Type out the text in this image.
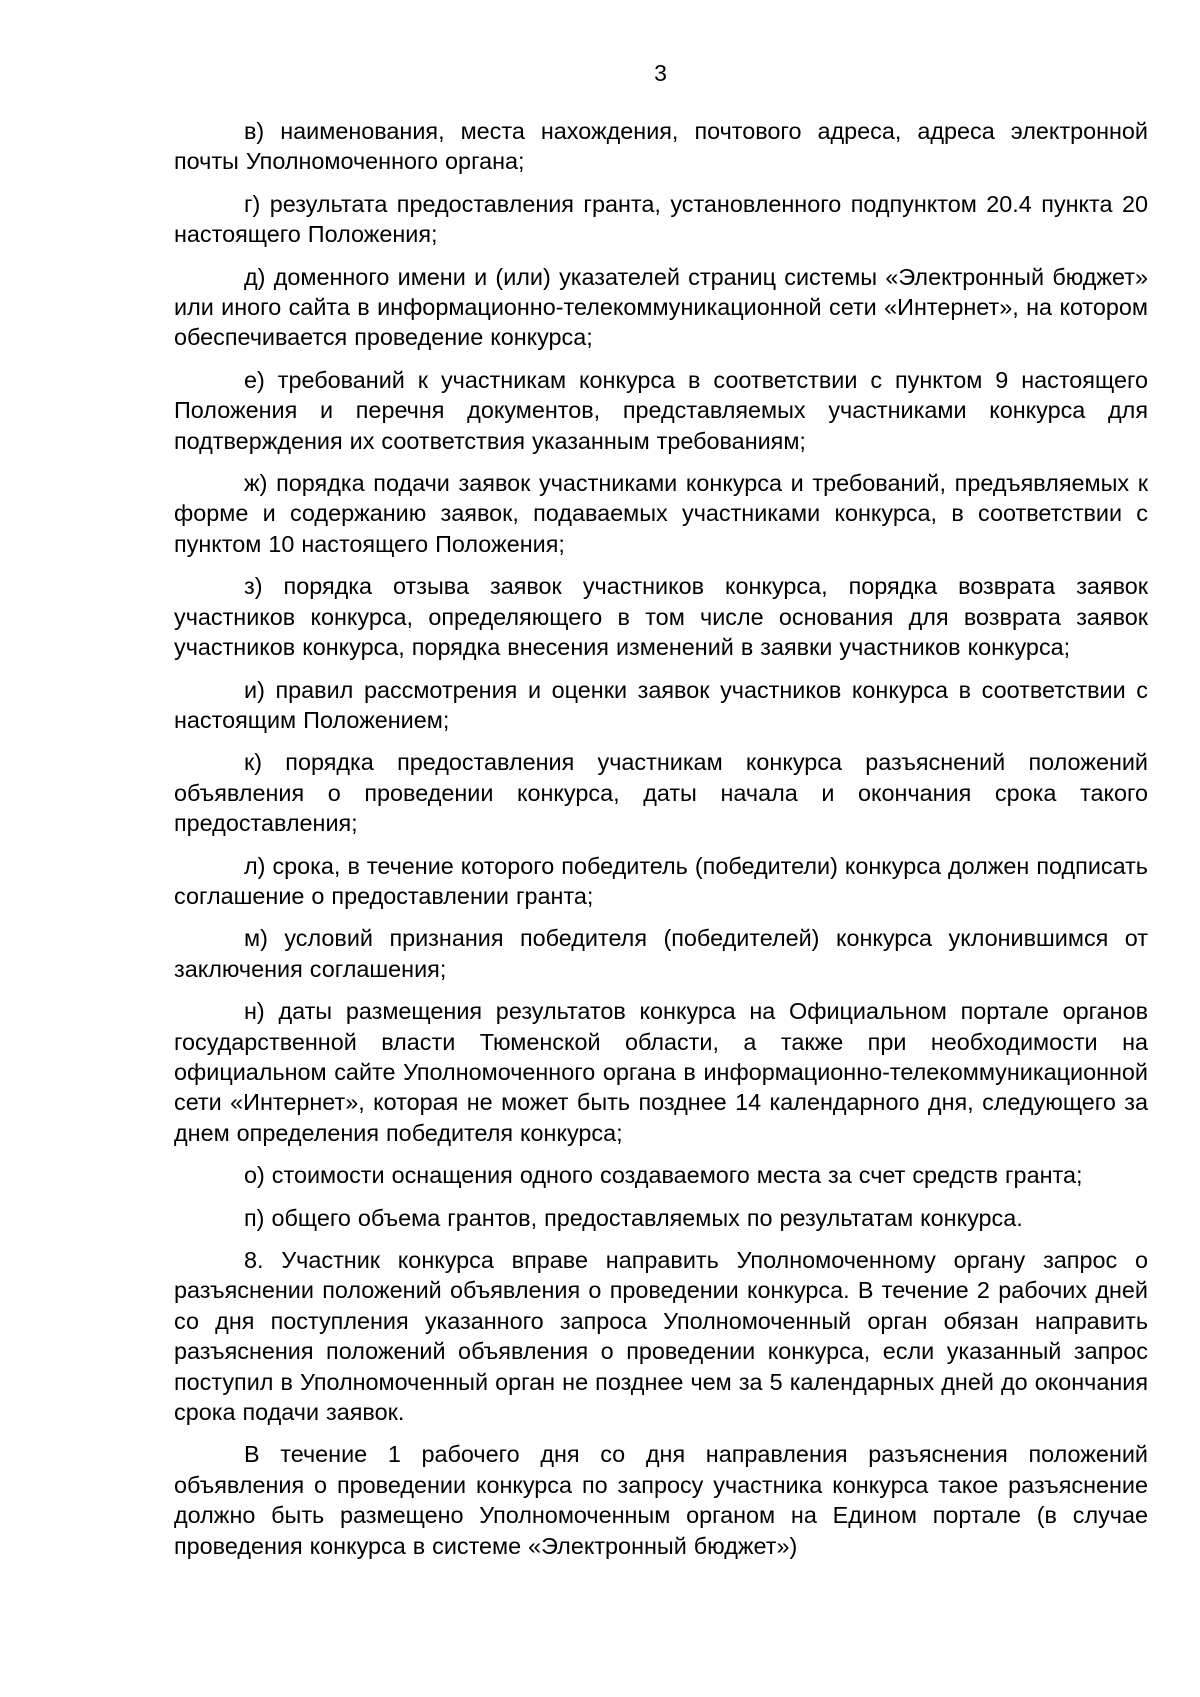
3

в) наименования, места нахождения, почтового адреса, адреса электронной почты Уполномоченного органа;

г) результата предоставления гранта, установленного подпунктом 20.4 пункта 20 настоящего Положения;

д) доменного имени и (или) указателей страниц системы «Электронный бюджет» или иного сайта в информационно-телекоммуникационной сети «Интернет», на котором обеспечивается проведение конкурса;

е) требований к участникам конкурса в соответствии с пунктом 9 настоящего Положения и перечня документов, представляемых участниками конкурса для подтверждения их соответствия указанным требованиям;

ж) порядка подачи заявок участниками конкурса и требований, предъявляемых к форме и содержанию заявок, подаваемых участниками конкурса, в соответствии с пунктом 10 настоящего Положения;

з) порядка отзыва заявок участников конкурса, порядка возврата заявок участников конкурса, определяющего в том числе основания для возврата заявок участников конкурса, порядка внесения изменений в заявки участников конкурса;

и) правил рассмотрения и оценки заявок участников конкурса в соответствии с настоящим Положением;

к) порядка предоставления участникам конкурса разъяснений положений объявления о проведении конкурса, даты начала и окончания срока такого предоставления;

л) срока, в течение которого победитель (победители) конкурса должен подписать соглашение о предоставлении гранта;

м) условий признания победителя (победителей) конкурса уклонившимся от заключения соглашения;

н) даты размещения результатов конкурса на Официальном портале органов государственной власти Тюменской области, а также при необходимости на официальном сайте Уполномоченного органа в информационно-телекоммуникационной сети «Интернет», которая не может быть позднее 14 календарного дня, следующего за днем определения победителя конкурса;

о) стоимости оснащения одного создаваемого места за счет средств гранта;

п) общего объема грантов, предоставляемых по результатам конкурса.

8. Участник конкурса вправе направить Уполномоченному органу запрос о разъяснении положений объявления о проведении конкурса. В течение 2 рабочих дней со дня поступления указанного запроса Уполномоченный орган обязан направить разъяснения положений объявления о проведении конкурса, если указанный запрос поступил в Уполномоченный орган не позднее чем за 5 календарных дней до окончания срока подачи заявок.

В течение 1 рабочего дня со дня направления разъяснения положений объявления о проведении конкурса по запросу участника конкурса такое разъяснение должно быть размещено Уполномоченным органом на Едином портале (в случае проведения конкурса в системе «Электронный бюджет»)
